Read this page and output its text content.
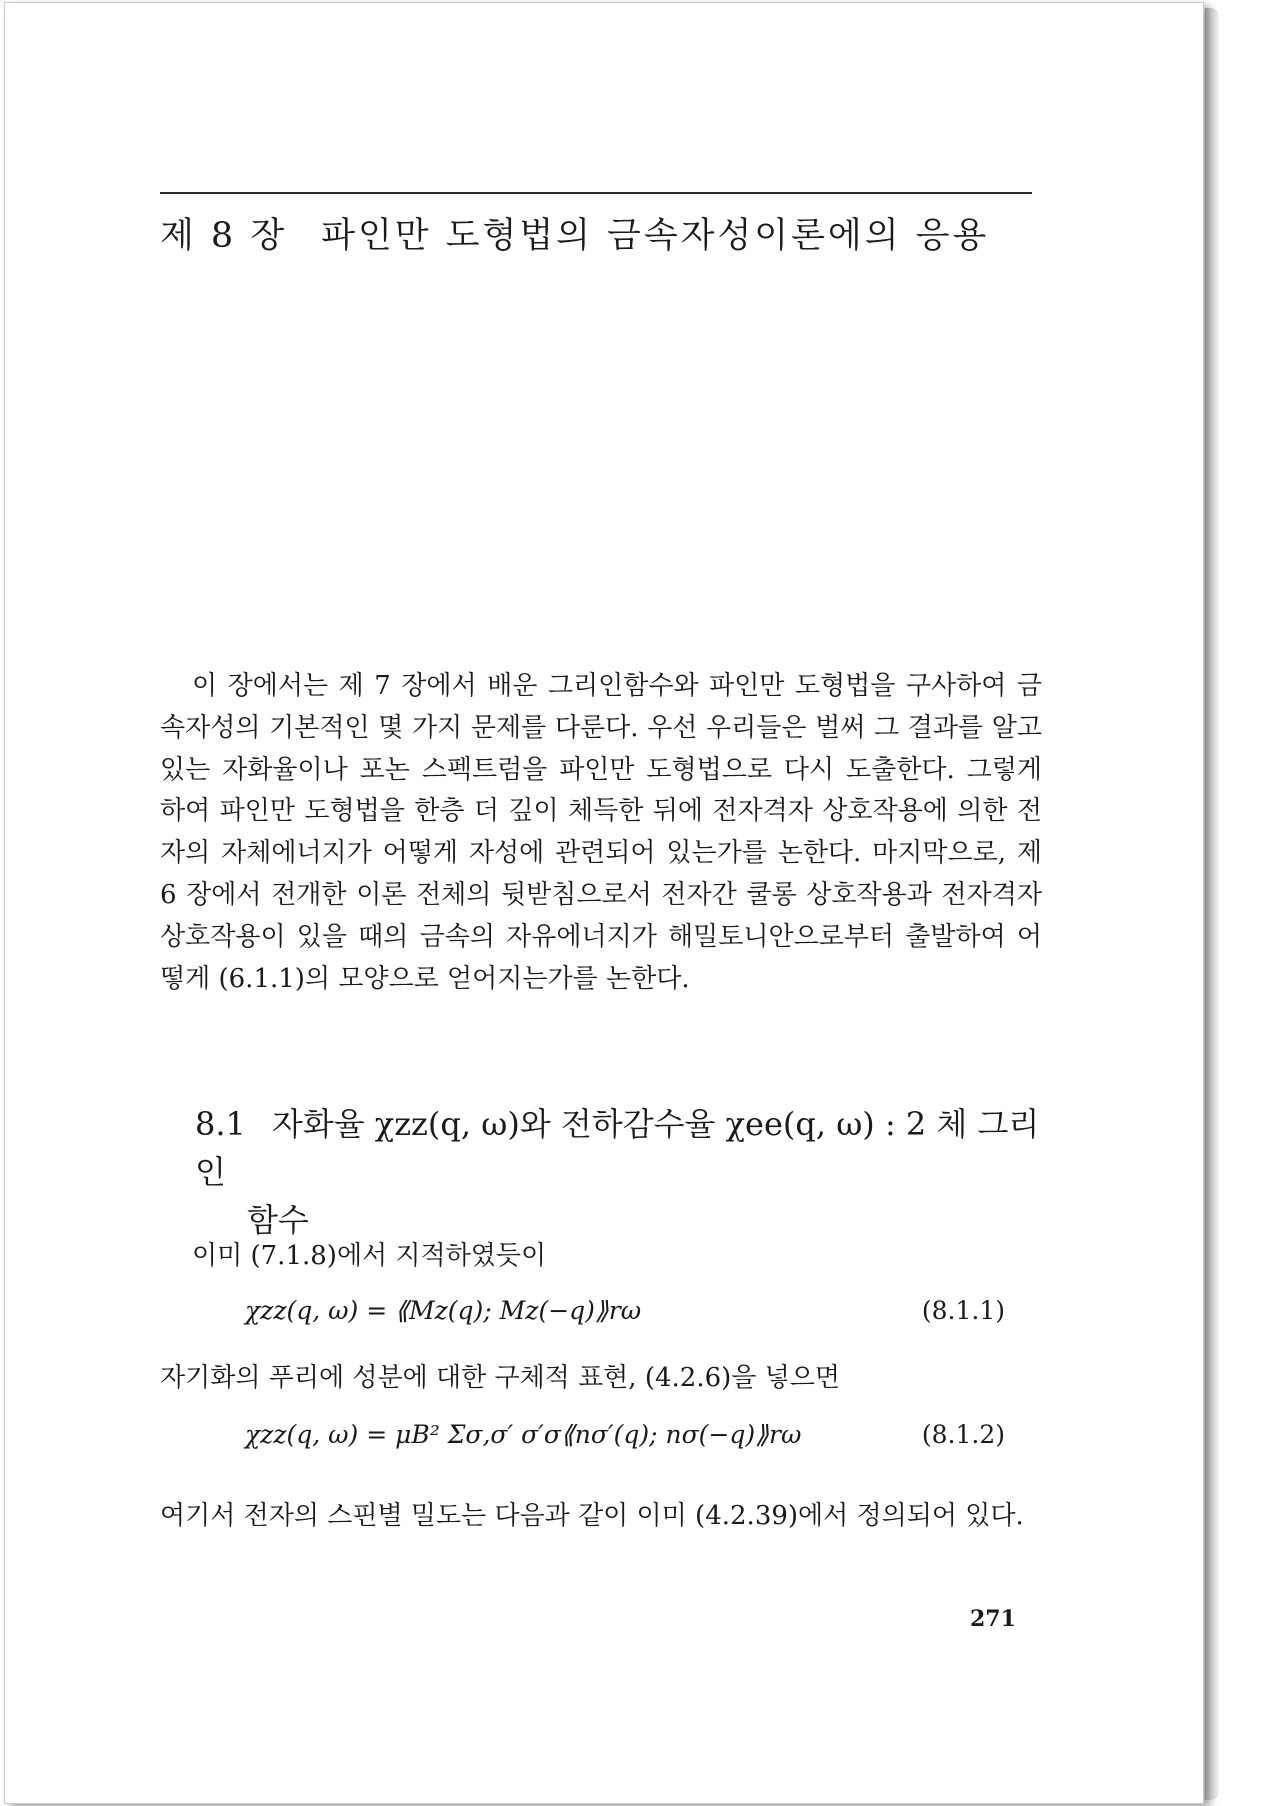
제 8 장 파인만 도형법의 금속자성이론에의 응용

이 장에서는 제 7 장에서 배운 그리인함수와 파인만 도형법을 구사하여 금속자성의 기본적인 몇 가지 문제를 다룬다. 우선 우리들은 벌써 그 결과를 알고 있는 자화율이나 포논 스펙트럼을 파인만 도형법으로 다시 도출한다. 그렇게 하여 파인만 도형법을 한층 더 깊이 체득한 뒤에 전자격자 상호작용에 의한 전자의 자체에너지가 어떻게 자성에 관련되어 있는가를 논한다. 마지막으로, 제 6 장에서 전개한 이론 전체의 뒷받침으로서 전자간 쿨롱 상호작용과 전자격자 상호작용이 있을 때의 금속의 자유에너지가 해밀토니안으로부터 출발하여 어떻게 (6.1.1)의 모양으로 얻어지는가를 논한다.

8.1 자화율 χzz(q, ω)와 전하감수율 χee(q, ω) : 2 체 그리인
함수

이미 (7.1.8)에서 지적하였듯이

χzz(q, ω) = ⟪Mz(q); Mz(−q)⟫rω	(8.1.1)

자기화의 푸리에 성분에 대한 구체적 표현, (4.2.6)을 넣으면

χzz(q, ω) = μB² Σσ,σ′ σ′σ⟪nσ′(q); nσ(−q)⟫rω	(8.1.2)

여기서 전자의 스핀별 밀도는 다음과 같이 이미 (4.2.39)에서 정의되어 있다.

271
